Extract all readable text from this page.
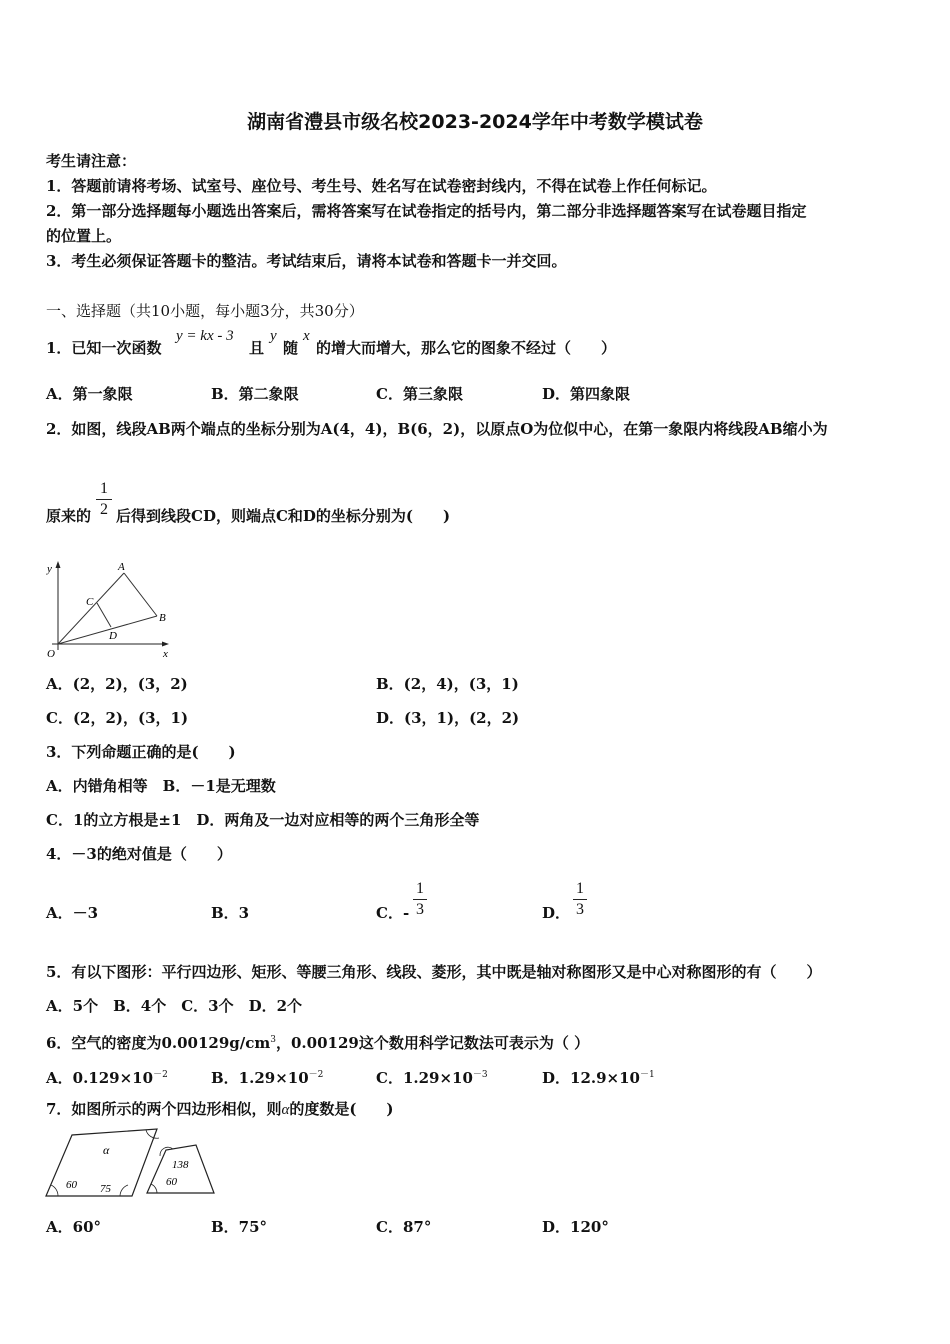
湖南省澧县市级名校2023-2024学年中考数学模试卷
考生请注意：
1．答题前请将考场、试室号、座位号、考生号、姓名写在试卷密封线内，不得在试卷上作任何标记。
2．第一部分选择题每小题选出答案后，需将答案写在试卷指定的括号内，第二部分非选择题答案写在试卷题目指定
的位置上。
3．考生必须保证答题卡的整洁。考试结束后，请将本试卷和答题卡一并交回。
一、选择题（共10小题，每小题3分，共30分）
1．已知一次函数
y = kx - 3
且
y
随
x
的增大而增大，那么它的图象不经过（　　）
A．第一象限	B．第二象限	C．第三象限	D．第四象限
2．如图，线段AB两个端点的坐标分别为A(4，4)，B(6，2)，以原点O为位似中心，在第一象限内将线段AB缩小为
原来的
1
2 后得到线段CD，则端点C和D的坐标分别为(　　)
y
x
O
A
B
C
D
A．(2，2)，(3，2)	B．(2，4)，(3，1)
C．(2，2)，(3，1)	D．(3，1)，(2，2)
3．下列命题正确的是(　　)
A．内错角相等　B．－1是无理数
C．1的立方根是±1　D．两角及一边对应相等的两个三角形全等
4．－3的绝对值是（　　）
A．－3	B．3	C．-
1
3	D．
1
3
5．有以下图形：平行四边形、矩形、等腰三角形、线段、菱形，其中既是轴对称图形又是中心对称图形的有（　　）
A．5个　B．4个　C．3个　D．2个
6．空气的密度为$0.00129g/cm^3$，0.00129这个数用科学记数法可表示为（ ）
A．$0.129\times 10^{-2}$	B．$1.29\times 10^{-2}$	C．$1.29\times 10^{-3}$	D．$12.9\times 10^{-1}$
7．如图所示的两个四边形相似，则α的度数是(　　)
α
60 75
138
60
A．60°	B．75°	C．87°	D．120°
